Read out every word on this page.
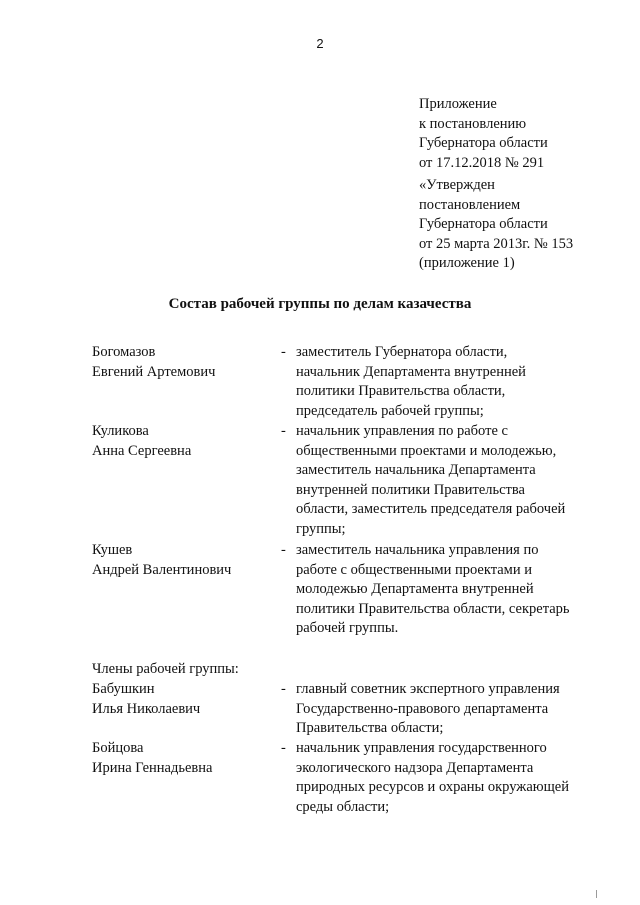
2
Приложение
к постановлению
Губернатора области
от 17.12.2018 № 291
«Утвержден
постановлением
Губернатора области
от 25 марта 2013г. № 153
(приложение 1)
Состав рабочей группы по делам казачества
Богомазов
Евгений Артемович
- заместитель Губернатора области,
начальник Департамента внутренней
политики Правительства области,
председатель рабочей группы;
Куликова
Анна Сергеевна
- начальник управления по работе с
общественными проектами и молодежью,
заместитель начальника Департамента
внутренней политики Правительства
области, заместитель председателя рабочей
группы;
Кушев
Андрей Валентинович
- заместитель начальника управления по
работе с общественными проектами и
молодежью Департамента внутренней
политики Правительства области, секретарь
рабочей группы.
Члены рабочей группы:
Бабушкин
Илья Николаевич
- главный советник экспертного управления
Государственно-правового департамента
Правительства области;
Бойцова
Ирина Геннадьевна
- начальник управления государственного
экологического надзора Департамента
природных ресурсов и охраны окружающей
среды области;
